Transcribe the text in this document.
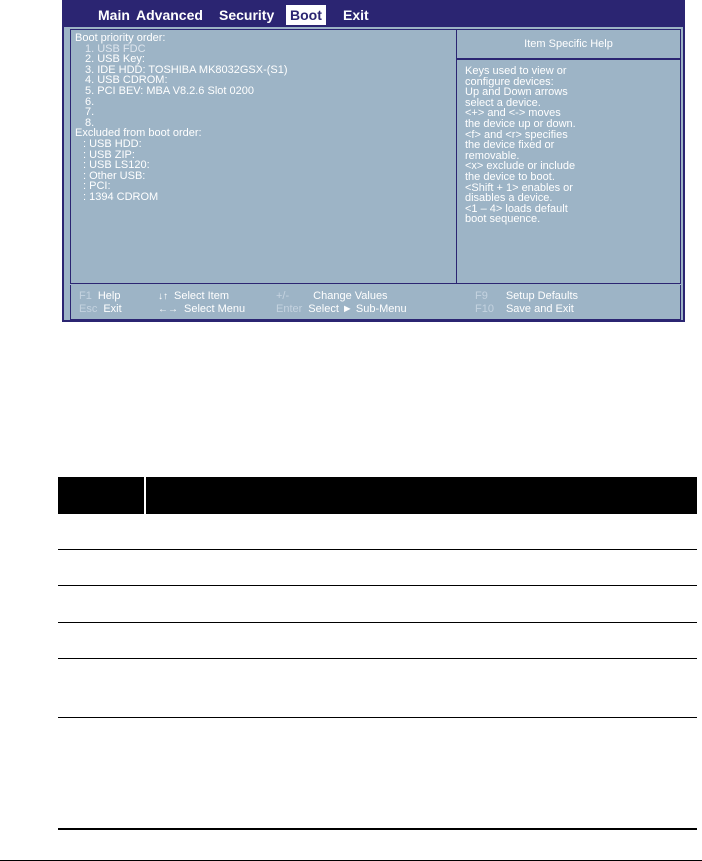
Main Advanced Security Boot Exit
Boot priority order:
1. USB FDC
2. USB Key:
3. IDE HDD: TOSHIBA MK8032GSX-(S1)
4. USB CDROM:
5. PCI BEV: MBA V8.2.6 Slot 0200
6.
7.
8.
Excluded from boot order:
: USB HDD:
: USB ZIP:
: USB LS120:
: Other USB:
: PCI:
: 1394 CDROM
Item Specific Help
Keys used to view or
configure devices:
Up and Down arrows
select a device.
<+> and <-> moves
the device up or down.
<f> and <r> specifies
the device fixed or
removable.
<x> exclude or include
the device to boot.
<Shift + 1> enables or
disables a device.
<1 – 4> loads default
boot sequence.
F1 Help
Esc Exit
↓↑ Select Item
←→ Select Menu
+/- Change Values
Enter Select ► Sub-Menu
F9 Setup Defaults
F10 Save and Exit
